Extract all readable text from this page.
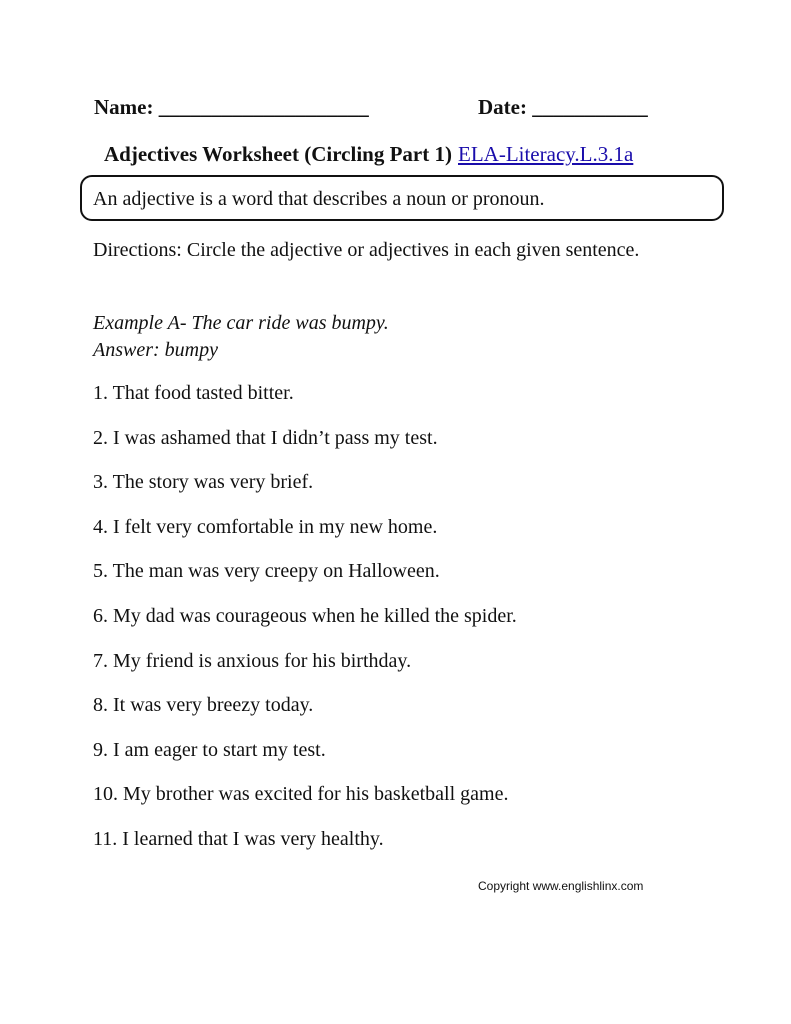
Name: ____________________	Date: ___________
Adjectives Worksheet (Circling Part 1) ELA-Literacy.L.3.1a
An adjective is a word that describes a noun or pronoun.
Directions: Circle the adjective or adjectives in each given sentence.
Example A- The car ride was bumpy.
Answer: bumpy
1. That food tasted bitter.
2. I was ashamed that I didn’t pass my test.
3. The story was very brief.
4. I felt very comfortable in my new home.
5. The man was very creepy on Halloween.
6. My dad was courageous when he killed the spider.
7. My friend is anxious for his birthday.
8. It was very breezy today.
9. I am eager to start my test.
10. My brother was excited for his basketball game.
11. I learned that I was very healthy.
Copyright www.englishlinx.com
